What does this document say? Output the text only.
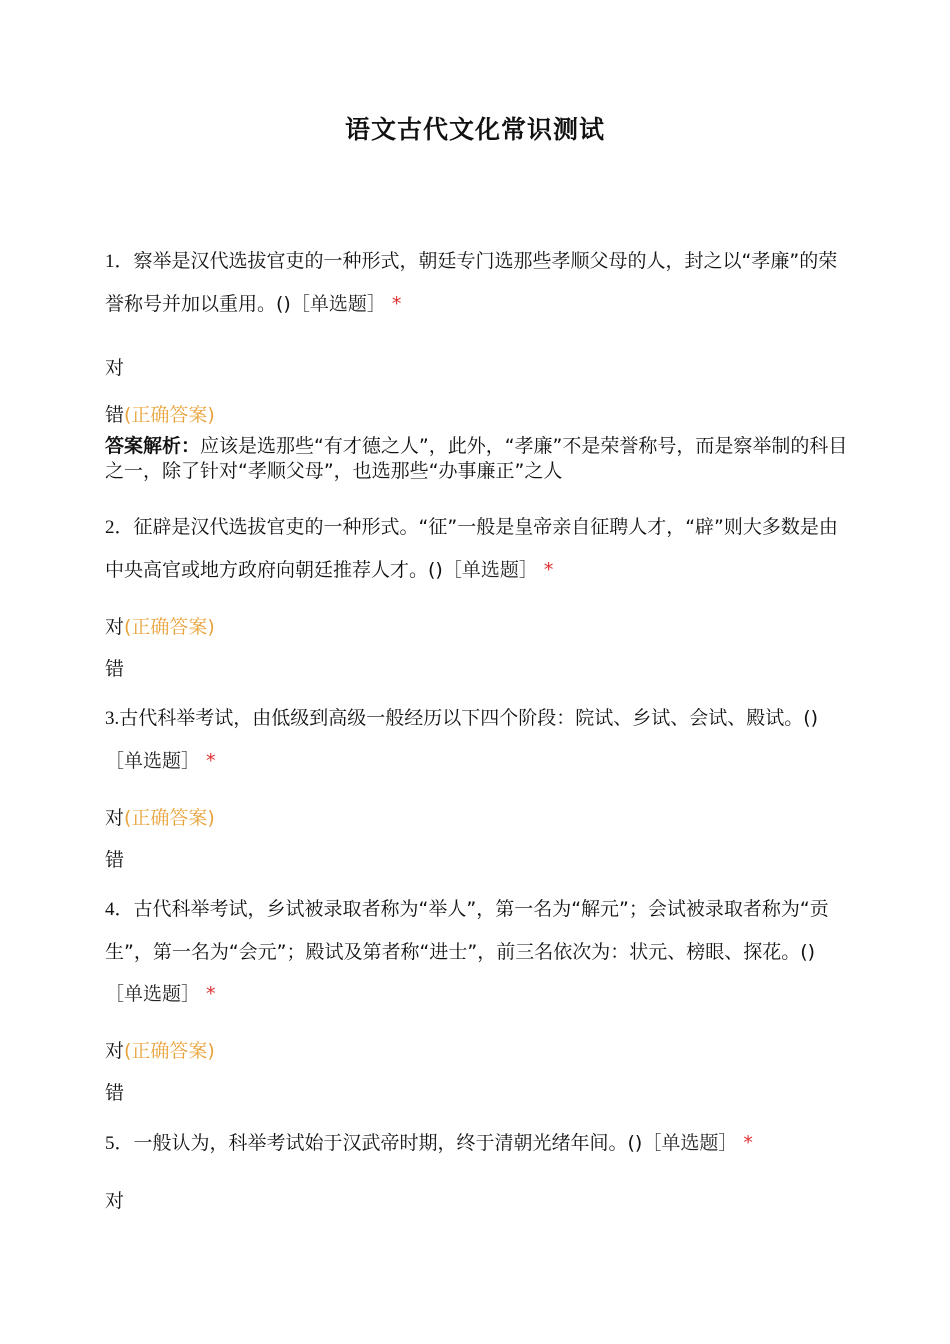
语文古代文化常识测试

1．察举是汉代选拔官吏的一种形式，朝廷专门选那些孝顺父母的人，封之以“孝廉”的荣誉称号并加以重用。()［单选题］ *

对

错(正确答案)

答案解析：应该是选那些“有才德之人”，此外，“孝廉”不是荣誉称号，而是察举制的科目之一，除了针对“孝顺父母”，也选那些“办事廉正”之人

2．征辟是汉代选拔官吏的一种形式。“征”一般是皇帝亲自征聘人才，“辟”则大多数是由中央高官或地方政府向朝廷推荐人才。()［单选题］ *

对(正确答案)

错

3.古代科举考试，由低级到高级一般经历以下四个阶段：院试、乡试、会试、殿试。()［单选题］ *

对(正确答案)

错

4．古代科举考试，乡试被录取者称为“举人”，第一名为“解元”；会试被录取者称为“贡生”，第一名为“会元”；殿试及第者称“进士”，前三名依次为：状元、榜眼、探花。()［单选题］ *

对(正确答案)

错

5．一般认为，科举考试始于汉武帝时期，终于清朝光绪年间。()［单选题］ *

对
